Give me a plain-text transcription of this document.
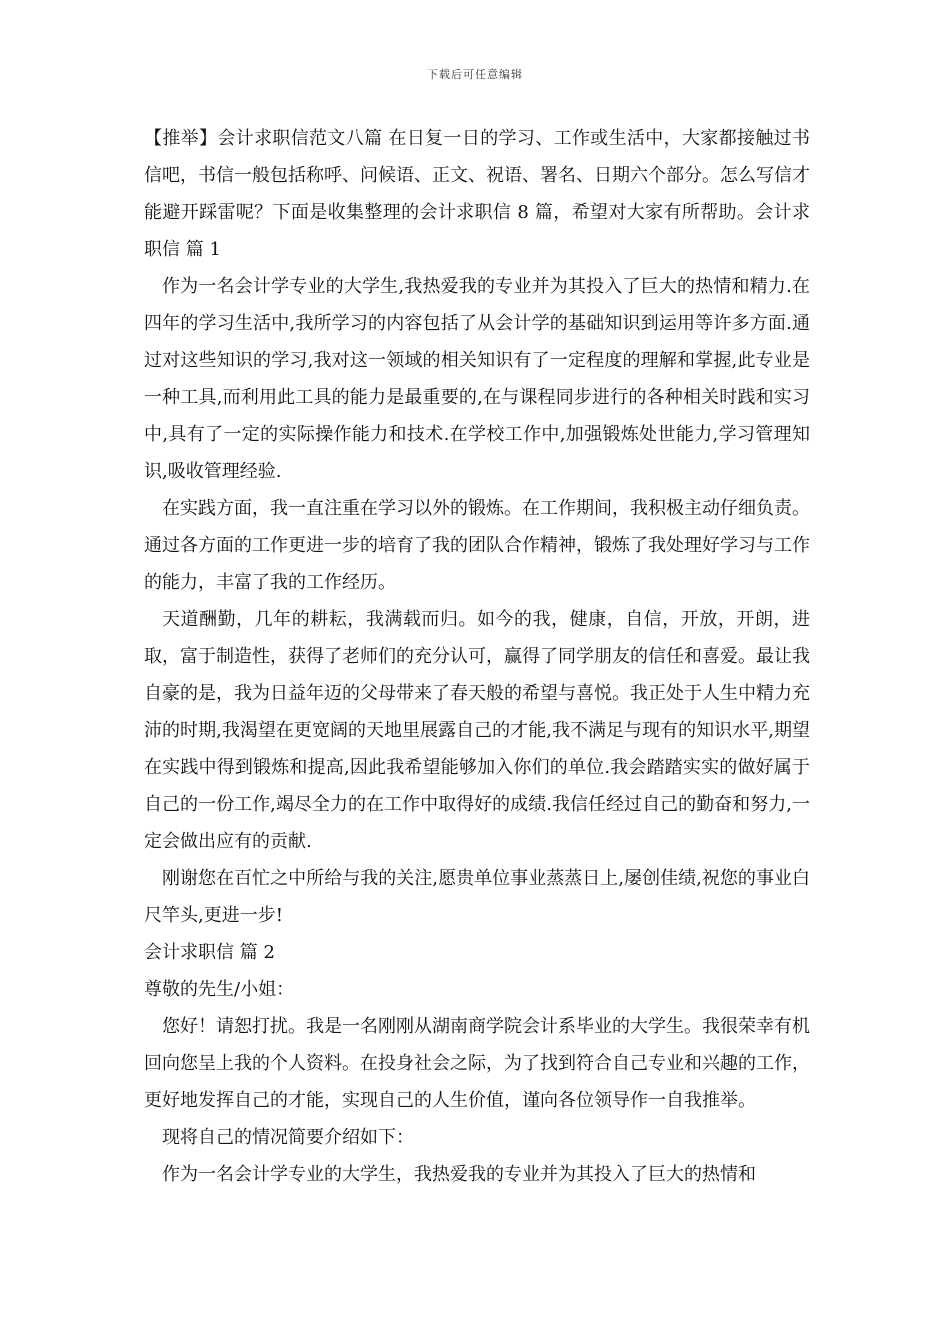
下载后可任意编辑

【推举】会计求职信范文八篇 在日复一日的学习、工作或生活中，大家都接触过书信吧，书信一般包括称呼、问候语、正文、祝语、署名、日期六个部分。怎么写信才能避开踩雷呢？下面是收集整理的会计求职信 8 篇，希望对大家有所帮助。会计求职信 篇 1

作为一名会计学专业的大学生,我热爱我的专业并为其投入了巨大的热情和精力.在四年的学习生活中,我所学习的内容包括了从会计学的基础知识到运用等许多方面.通过对这些知识的学习,我对这一领域的相关知识有了一定程度的理解和掌握,此专业是一种工具,而利用此工具的能力是最重要的,在与课程同步进行的各种相关时践和实习中,具有了一定的实际操作能力和技术.在学校工作中,加强锻炼处世能力,学习管理知识,吸收管理经验.

在实践方面，我一直注重在学习以外的锻炼。在工作期间，我积极主动仔细负责。通过各方面的工作更进一步的培育了我的团队合作精神，锻炼了我处理好学习与工作的能力，丰富了我的工作经历。

天道酬勤，几年的耕耘，我满载而归。如今的我，健康，自信，开放，开朗，进取，富于制造性，获得了老师们的充分认可，赢得了同学朋友的信任和喜爱。最让我自豪的是，我为日益年迈的父母带来了春天般的希望与喜悦。我正处于人生中精力充沛的时期,我渴望在更宽阔的天地里展露自己的才能,我不满足与现有的知识水平,期望在实践中得到锻炼和提高,因此我希望能够加入你们的单位.我会踏踏实实的做好属于自己的一份工作,竭尽全力的在工作中取得好的成绩.我信任经过自己的勤奋和努力,一定会做出应有的贡献.

刚谢您在百忙之中所给与我的关注,愿贵单位事业蒸蒸日上,屡创佳绩,祝您的事业白尺竿头,更进一步!

会计求职信 篇 2

尊敬的先生/小姐：

您好！请恕打扰。我是一名刚刚从湖南商学院会计系毕业的大学生。我很荣幸有机回向您呈上我的个人资料。在投身社会之际，为了找到符合自己专业和兴趣的工作，更好地发挥自己的才能，实现自己的人生价值，谨向各位领导作一自我推举。

现将自己的情况简要介绍如下：

作为一名会计学专业的大学生，我热爱我的专业并为其投入了巨大的热情和
